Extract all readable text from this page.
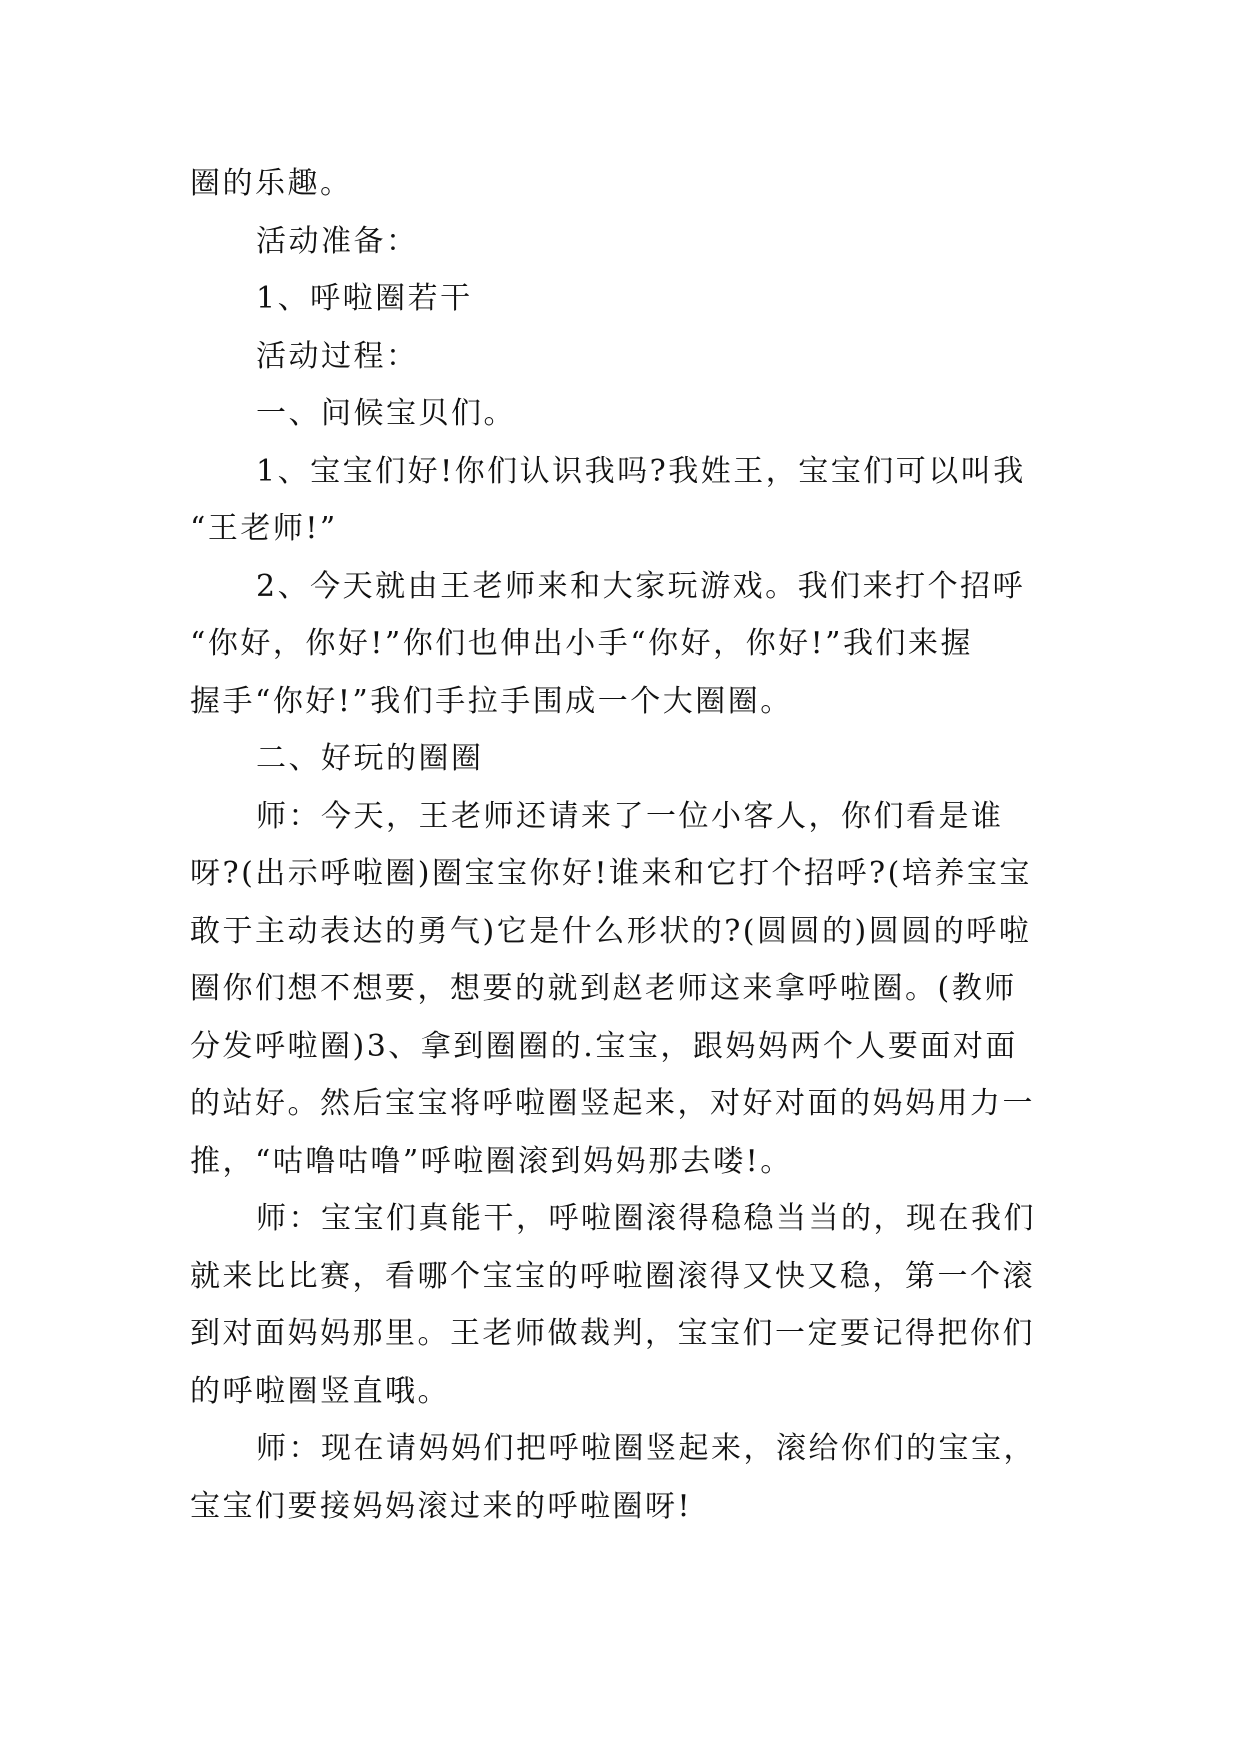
圈的乐趣。
活动准备：
1、呼啦圈若干
活动过程：
一、问候宝贝们。
1、宝宝们好!你们认识我吗?我姓王，宝宝们可以叫我
“王老师!”
2、今天就由王老师来和大家玩游戏。我们来打个招呼
“你好，你好!”你们也伸出小手“你好，你好!”我们来握
握手“你好!”我们手拉手围成一个大圈圈。
二、好玩的圈圈
师：今天，王老师还请来了一位小客人，你们看是谁
呀?(出示呼啦圈)圈宝宝你好!谁来和它打个招呼?(培养宝宝
敢于主动表达的勇气)它是什么形状的?(圆圆的)圆圆的呼啦
圈你们想不想要，想要的就到赵老师这来拿呼啦圈。(教师
分发呼啦圈)3、拿到圈圈的.宝宝，跟妈妈两个人要面对面
的站好。然后宝宝将呼啦圈竖起来，对好对面的妈妈用力一
推，“咕噜咕噜”呼啦圈滚到妈妈那去喽!。
师：宝宝们真能干，呼啦圈滚得稳稳当当的，现在我们
就来比比赛，看哪个宝宝的呼啦圈滚得又快又稳，第一个滚
到对面妈妈那里。王老师做裁判，宝宝们一定要记得把你们
的呼啦圈竖直哦。
师：现在请妈妈们把呼啦圈竖起来，滚给你们的宝宝，
宝宝们要接妈妈滚过来的呼啦圈呀!
